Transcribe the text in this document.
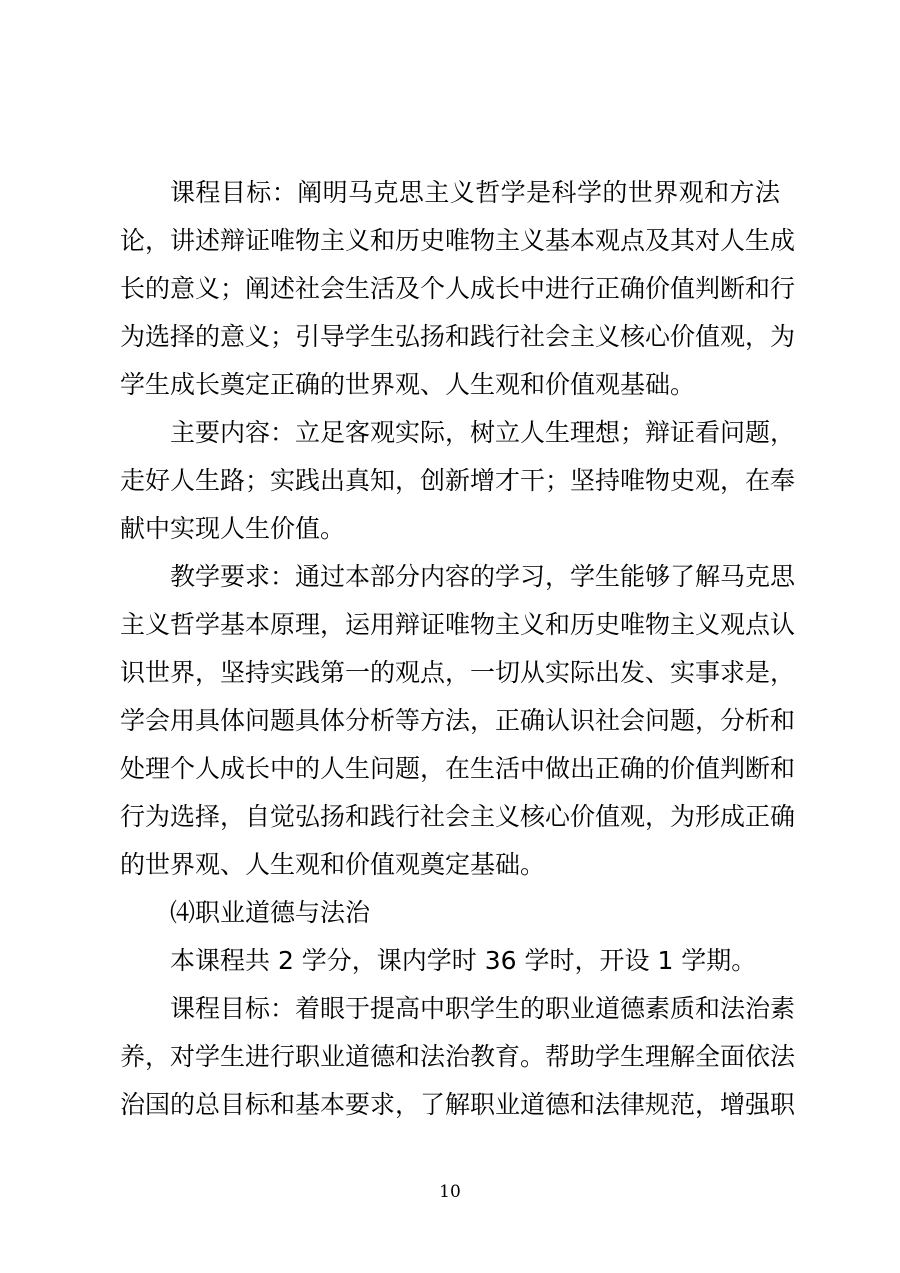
课程目标：阐明马克思主义哲学是科学的世界观和方法
论，讲述辩证唯物主义和历史唯物主义基本观点及其对人生成
长的意义；阐述社会生活及个人成长中进行正确价值判断和行
为选择的意义；引导学生弘扬和践行社会主义核心价值观，为
学生成长奠定正确的世界观、人生观和价值观基础。
主要内容：立足客观实际，树立人生理想；辩证看问题，
走好人生路；实践出真知，创新增才干；坚持唯物史观，在奉
献中实现人生价值。
教学要求：通过本部分内容的学习，学生能够了解马克思
主义哲学基本原理，运用辩证唯物主义和历史唯物主义观点认
识世界，坚持实践第一的观点，一切从实际出发、实事求是，
学会用具体问题具体分析等方法，正确认识社会问题，分析和
处理个人成长中的人生问题，在生活中做出正确的价值判断和
行为选择，自觉弘扬和践行社会主义核心价值观，为形成正确
的世界观、人生观和价值观奠定基础。
⑷职业道德与法治
本课程共 2 学分，课内学时 36 学时，开设 1 学期。
课程目标：着眼于提高中职学生的职业道德素质和法治素
养，对学生进行职业道德和法治教育。帮助学生理解全面依法
治国的总目标和基本要求，了解职业道德和法律规范，增强职
10
